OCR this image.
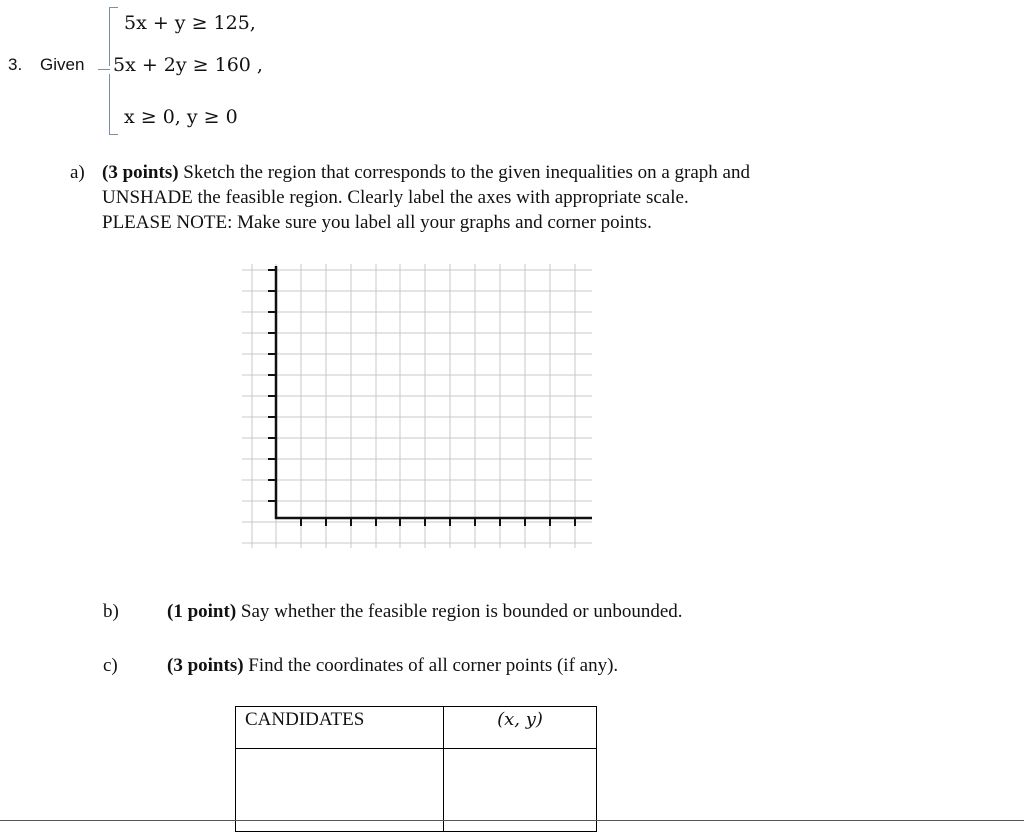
3. Given
5x + y ≥ 125,
5x + 2y ≥ 160 ,
x ≥ 0, y ≥ 0
a) (3 points) Sketch the region that corresponds to the given inequalities on a graph and
UNSHADE the feasible region. Clearly label the axes with appropriate scale.
PLEASE NOTE: Make sure you label all your graphs and corner points.
b)	(1 point) Say whether the feasible region is bounded or unbounded.
c)	(3 points) Find the coordinates of all corner points (if any).
CANDIDATES	(x, y)
